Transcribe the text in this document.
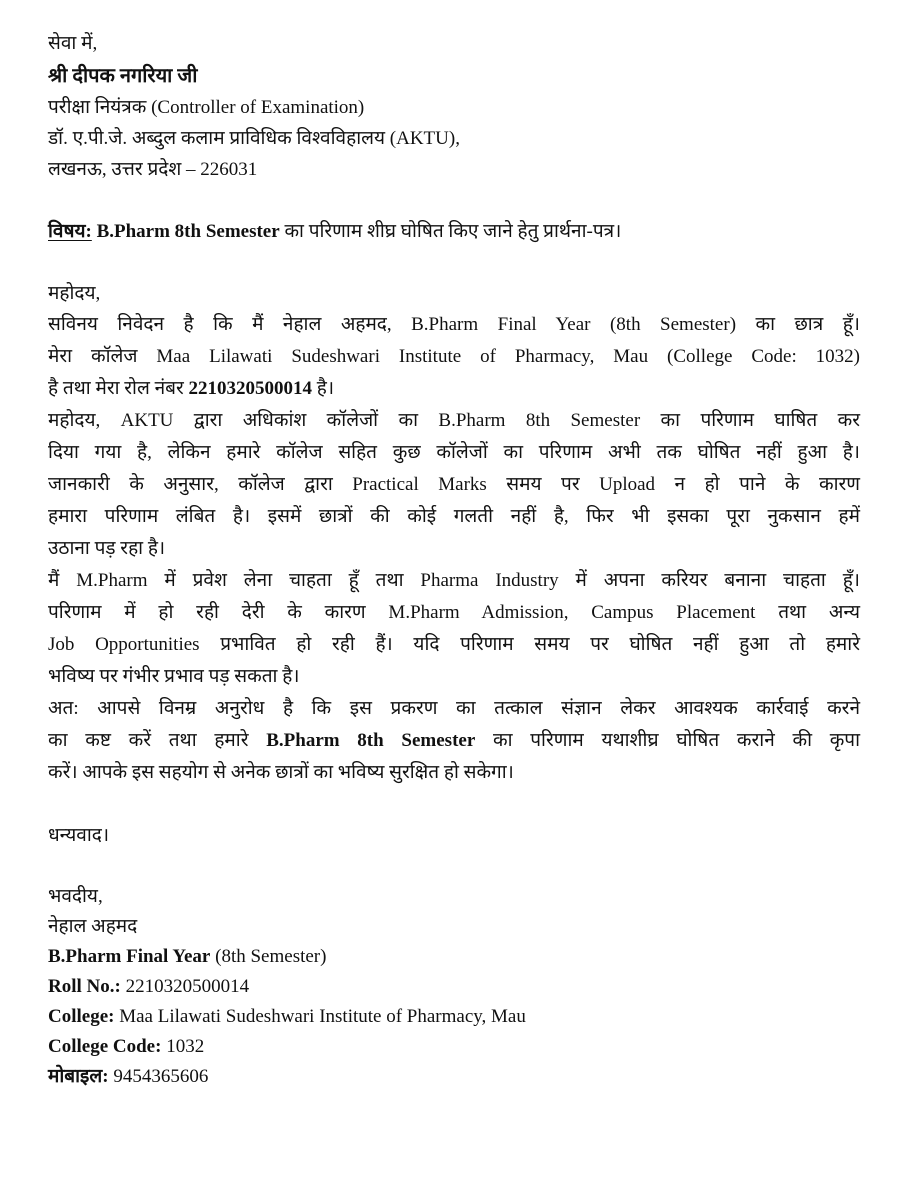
सेवा में,
श्री दीपक नगरिया जी
परीक्षा नियंत्रक (Controller of Examination)
डॉ. ए.पी.जे. अब्दुल कलाम प्राविधिक विश्वविहालय (AKTU),
लखनऊ, उत्तर प्रदेश – 226031
विषय: B.Pharm 8th Semester का परिणाम शीघ्र घोषित किए जाने हेतु प्रार्थना-पत्र।
महोदय,
सविनय निवेदन है कि मैं नेहाल अहमद, B.Pharm Final Year (8th Semester) का छात्र हूँ।
मेरा कॉलेज Maa Lilawati Sudeshwari Institute of Pharmacy, Mau (College Code: 1032)
है तथा मेरा रोल नंबर 2210320500014 है।
महोदय, AKTU द्वारा अधिकांश कॉलेजों का B.Pharm 8th Semester का परिणाम घाषित कर
दिया गया है, लेकिन हमारे कॉलेज सहित कुछ कॉलेजों का परिणाम अभी तक घोषित नहीं हुआ है।
जानकारी के अनुसार, कॉलेज द्वारा Practical Marks समय पर Upload न हो पाने के कारण
हमारा परिणाम लंबित है। इसमें छात्रों की कोई गलती नहीं है, फिर भी इसका पूरा नुकसान हमें
उठाना पड़ रहा है।
मैं M.Pharm में प्रवेश लेना चाहता हूँ तथा Pharma Industry में अपना करियर बनाना चाहता हूँ।
परिणाम में हो रही देरी के कारण M.Pharm Admission, Campus Placement तथा अन्य
Job Opportunities प्रभावित हो रही हैं। यदि परिणाम समय पर घोषित नहीं हुआ तो हमारे
भविष्य पर गंभीर प्रभाव पड़ सकता है।
अत: आपसे विनम्र अनुरोध है कि इस प्रकरण का तत्काल संज्ञान लेकर आवश्यक कार्रवाई करने
का कष्ट करें तथा हमारे B.Pharm 8th Semester का परिणाम यथाशीघ्र घोषित कराने की कृपा
करें। आपके इस सहयोग से अनेक छात्रों का भविष्य सुरक्षित हो सकेगा।
धन्यवाद।
भवदीय,
नेहाल अहमद
B.Pharm Final Year (8th Semester)
Roll No.: 2210320500014
College: Maa Lilawati Sudeshwari Institute of Pharmacy, Mau
College Code: 1032
मोबाइल: 9454365606
